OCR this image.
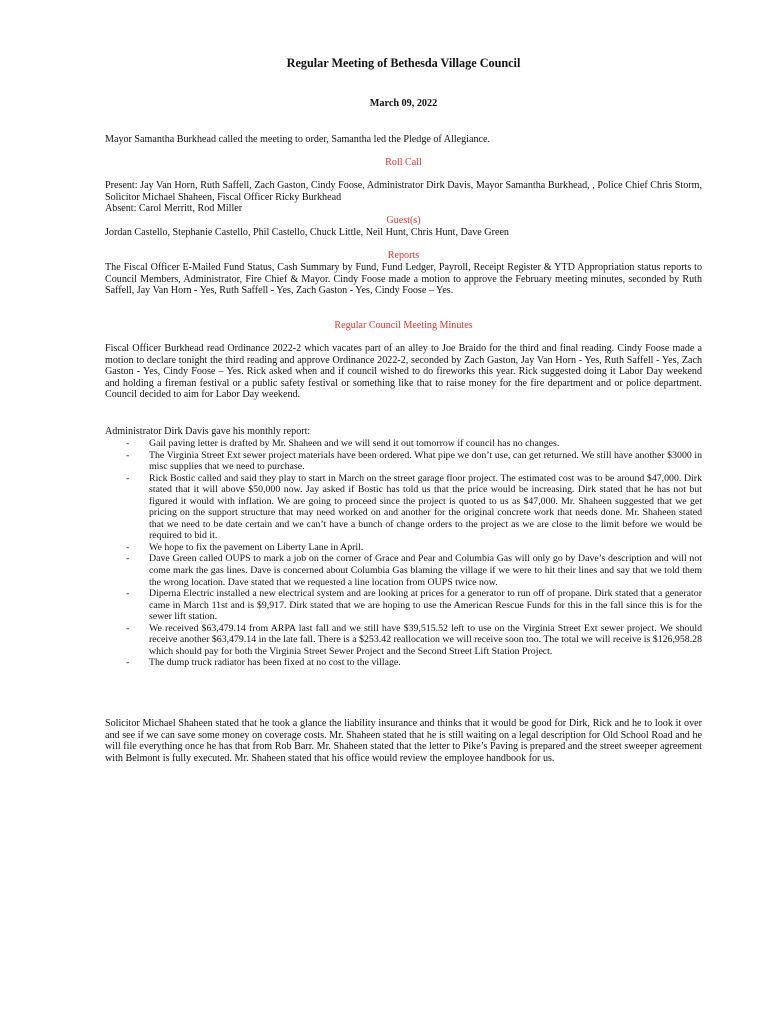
Regular Meeting of Bethesda Village Council
March 09, 2022

Mayor Samantha Burkhead called the meeting to order, Samantha led the Pledge of Allegiance.

Roll Call

Present: Jay Van Horn, Ruth Saffell, Zach Gaston, Cindy Foose, Administrator Dirk Davis, Mayor Samantha Burkhead, , Police Chief Chris Storm, Solicitor Michael Shaheen, Fiscal Officer Ricky Burkhead

Absent: Carol Merritt, Rod Miller

Guest(s)

Jordan Castello, Stephanie Castello, Phil Castello, Chuck Little, Neil Hunt, Chris Hunt, Dave Green

Reports

The Fiscal Officer E-Mailed Fund Status, Cash Summary by Fund, Fund Ledger, Payroll, Receipt Register & YTD Appropriation status reports to Council Members, Administrator, Fire Chief & Mayor. Cindy Foose made a motion to approve the February meeting minutes, seconded by Ruth Saffell, Jay Van Horn - Yes, Ruth Saffell - Yes, Zach Gaston - Yes, Cindy Foose – Yes.

Regular Council Meeting Minutes

Fiscal Officer Burkhead read Ordinance 2022-2 which vacates part of an alley to Joe Braido for the third and final reading. Cindy Foose made a motion to declare tonight the third reading and approve Ordinance 2022-2, seconded by Zach Gaston, Jay Van Horn - Yes, Ruth Saffell - Yes, Zach Gaston - Yes, Cindy Foose – Yes. Rick asked when and if council wished to do fireworks this year. Rick suggested doing it Labor Day weekend and holding a fireman festival or a public safety festival or something like that to raise money for the fire department and or police department. Council decided to aim for Labor Day weekend.

Administrator Dirk Davis gave his monthly report:

- Gail paving letter is drafted by Mr. Shaheen and we will send it out tomorrow if council has no changes.
- The Virginia Street Ext sewer project materials have been ordered. What pipe we don’t use, can get returned. We still have another $3000 in misc supplies that we need to purchase.
- Rick Bostic called and said they play to start in March on the street garage floor project. The estimated cost was to be around $47,000. Dirk stated that it will above $50,000 now. Jay asked if Bostic has told us that the price would be increasing. Dirk stated that he has not but figured it would with inflation. We are going to proceed since the project is quoted to us as $47,000. Mr. Shaheen suggested that we get pricing on the support structure that may need worked on and another for the original concrete work that needs done. Mr. Shaheen stated that we need to be date certain and we can’t have a bunch of change orders to the project as we are close to the limit before we would be required to bid it.
- We hope to fix the pavement on Liberty Lane in April.
- Dave Green called OUPS to mark a job on the corner of Grace and Pear and Columbia Gas will only go by Dave’s description and will not come mark the gas lines. Dave is concerned about Columbia Gas blaming the village if we were to hit their lines and say that we told them the wrong location. Dave stated that we requested a line location from OUPS twice now.
- Diperna Electric installed a new electrical system and are looking at prices for a generator to run off of propane. Dirk stated that a generator came in March 11st and is $9,917. Dirk stated that we are hoping to use the American Rescue Funds for this in the fall since this is for the sewer lift station.
- We received $63,479.14 from ARPA last fall and we still have $39,515.52 left to use on the Virginia Street Ext sewer project. We should receive another $63,479.14 in the late fall. There is a $253.42 reallocation we will receive soon too. The total we will receive is $126,958.28 which should pay for both the Virginia Street Sewer Project and the Second Street Lift Station Project.
- The dump truck radiator has been fixed at no cost to the village.

Solicitor Michael Shaheen stated that he took a glance the liability insurance and thinks that it would be good for Dirk, Rick and he to look it over and see if we can save some money on coverage costs. Mr. Shaheen stated that he is still waiting on a legal description for Old School Road and he will file everything once he has that from Rob Barr. Mr. Shaheen stated that the letter to Pike’s Paving is prepared and the street sweeper agreement with Belmont is fully executed. Mr. Shaheen stated that his office would review the employee handbook for us.
